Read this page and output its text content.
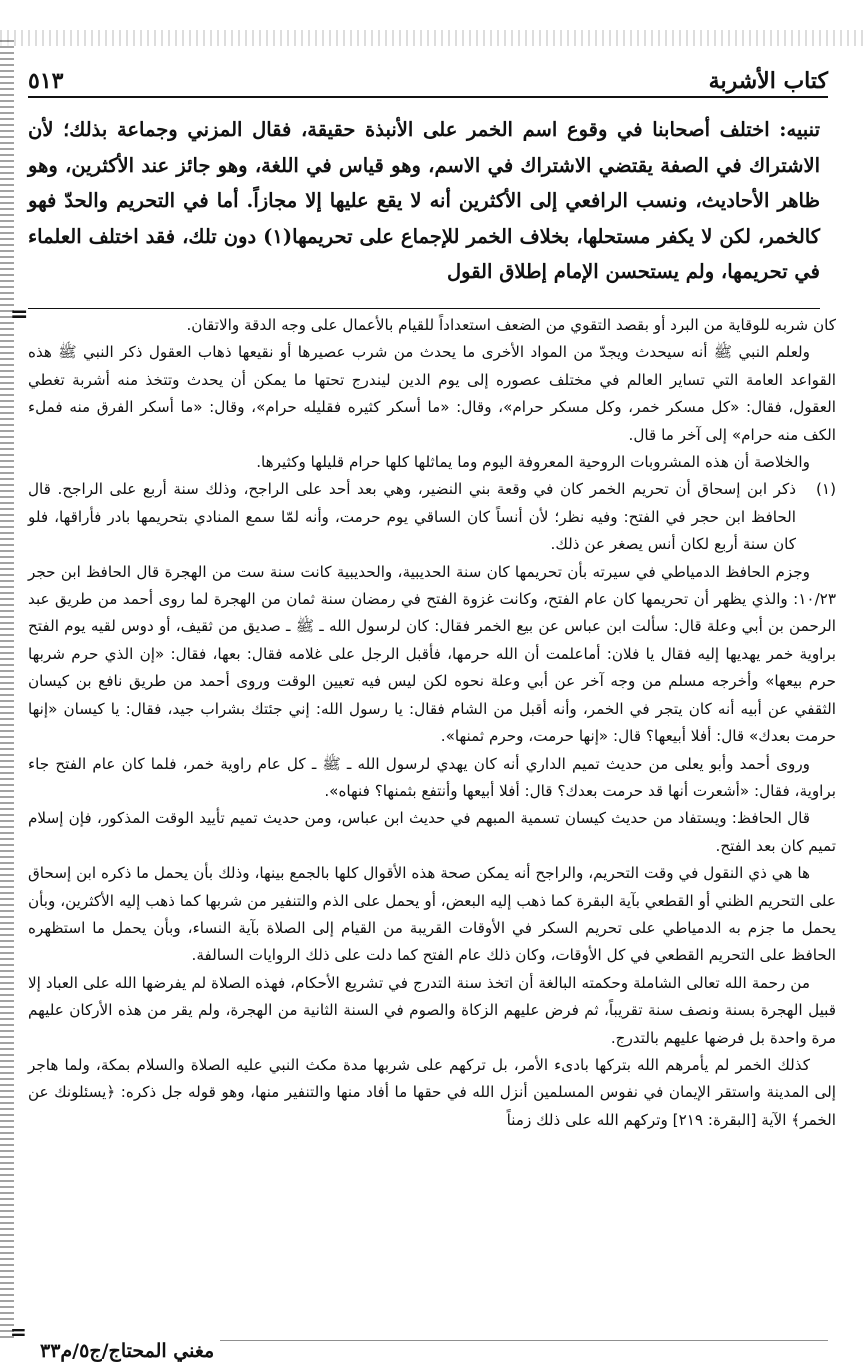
كتاب الأشربة
٥١٣

تنبيه: اختلف أصحابنا في وقوع اسم الخمر على الأنبذة حقيقة، فقال المزني وجماعة بذلك؛ لأن الاشتراك في الصفة يقتضي الاشتراك في الاسم، وهو قياس في اللغة، وهو جائز عند الأكثرين، وهو ظاهر الأحاديث، ونسب الرافعي إلى الأكثرين أنه لا يقع عليها إلا مجازاً. أما في التحريم والحدّ فهو كالخمر، لكن لا يكفر مستحلها، بخلاف الخمر للإجماع على تحريمها(١) دون تلك، فقد اختلف العلماء في تحريمها، ولم يستحسن الإمام إطلاق القول

=	كان شربه للوقاية من البرد أو بقصد التقوي من الضعف استعداداً للقيام بالأعمال على وجه الدقة والاتقان.

ولعلم النبي ﷺ أنه سيحدث ويجدّ من المواد الأخرى ما يحدث من شرب عصيرها أو نقيعها ذهاب العقول ذكر النبي ﷺ هذه القواعد العامة التي تساير العالم في مختلف عصوره إلى يوم الدين ليندرج تحتها ما يمكن أن يحدث وتتخذ منه أشربة تغطي العقول، فقال: «كل مسكر خمر، وكل مسكر حرام»، وقال: «ما أسكر كثيره فقليله حرام»، وقال: «ما أسكر الفرق منه فملء الكف منه حرام» إلى آخر ما قال.

والخلاصة أن هذه المشروبات الروحية المعروفة اليوم وما يماثلها كلها حرام قليلها وكثيرها.

(١)

ذكر ابن إسحاق أن تحريم الخمر كان في وقعة بني النضير، وهي بعد أحد على الراجح، وذلك سنة أربع على الراجح. قال الحافظ ابن حجر في الفتح: وفيه نظر؛ لأن أنساً كان الساقي يوم حرمت، وأنه لمّا سمع المنادي بتحريمها بادر فأراقها، فلو كان سنة أربع لكان أنس يصغر عن ذلك.

وجزم الحافظ الدمياطي في سيرته بأن تحريمها كان سنة الحديبية، والحديبية كانت سنة ست من الهجرة قال الحافظ ابن حجر ١٠/٢٣: والذي يظهر أن تحريمها كان عام الفتح، وكانت غزوة الفتح في رمضان سنة ثمان من الهجرة لما روى أحمد من طريق عبد الرحمن بن أبي وعلة قال: سألت ابن عباس عن بيع الخمر فقال: كان لرسول الله ـ ﷺ ـ صديق من ثقيف، أو دوس لقيه يوم الفتح براوية خمر يهديها إليه فقال يا فلان: أماعلمت أن الله حرمها، فأقبل الرجل على غلامه فقال: بعها، فقال: «إن الذي حرم شربها حرم بيعها» وأخرجه مسلم من وجه آخر عن أبي وعلة نحوه لكن ليس فيه تعيين الوقت وروى أحمد من طريق نافع بن كيسان الثقفي عن أبيه أنه كان يتجر في الخمر، وأنه أقبل من الشام فقال: يا رسول الله: إني جئتك بشراب جيد، فقال: يا كيسان «إنها حرمت بعدك» قال: أفلا أبيعها؟ قال: «إنها حرمت، وحرم ثمنها».

وروى أحمد وأبو يعلى من حديث تميم الداري أنه كان يهدي لرسول الله ـ ﷺ ـ كل عام راوية خمر، فلما كان عام الفتح جاء براوية، فقال: «أشعرت أنها قد حرمت بعدك؟ قال: أفلا أبيعها وأنتفع بثمنها؟ فنهاه».

قال الحافظ: ويستفاد من حديث كيسان تسمية المبهم في حديث ابن عباس، ومن حديث تميم تأييد الوقت المذكور، فإن إسلام تميم كان بعد الفتح.

ها هي ذي النقول في وقت التحريم، والراجح أنه يمكن صحة هذه الأقوال كلها بالجمع بينها، وذلك بأن يحمل ما ذكره ابن إسحاق على التحريم الظني أو القطعي بآية البقرة كما ذهب إليه البعض، أو يحمل على الذم والتنفير من شربها كما ذهب إليه الأكثرين، وبأن يحمل ما جزم به الدمياطي على تحريم السكر في الأوقات القريبة من القيام إلى الصلاة بآية النساء، وبأن يحمل ما استظهره الحافظ على التحريم القطعي في كل الأوقات، وكان ذلك عام الفتح كما دلت على ذلك الروايات السالفة.

من رحمة الله تعالى الشاملة وحكمته البالغة أن اتخذ سنة التدرج في تشريع الأحكام، فهذه الصلاة لم يفرضها الله على العباد إلا قبيل الهجرة بسنة ونصف سنة تقريباً، ثم فرض عليهم الزكاة والصوم في السنة الثانية من الهجرة، ولم يقر من هذه الأركان عليهم مرة واحدة بل فرضها عليهم بالتدرج.

كذلك الخمر لم يأمرهم الله بتركها بادىء الأمر، بل تركهم على شربها مدة مكث النبي عليه الصلاة والسلام بمكة، ولما هاجر إلى المدينة واستقر الإيمان في نفوس المسلمين أنزل الله في حقها ما أفاد منها والتنفير منها، وهو قوله جل ذكره: ﴿يسئلونك عن الخمر﴾ الآية [البقرة: ٢١٩] وتركهم الله على ذلك زمناً

=
مغني المحتاج/ج٥/م٣٣
